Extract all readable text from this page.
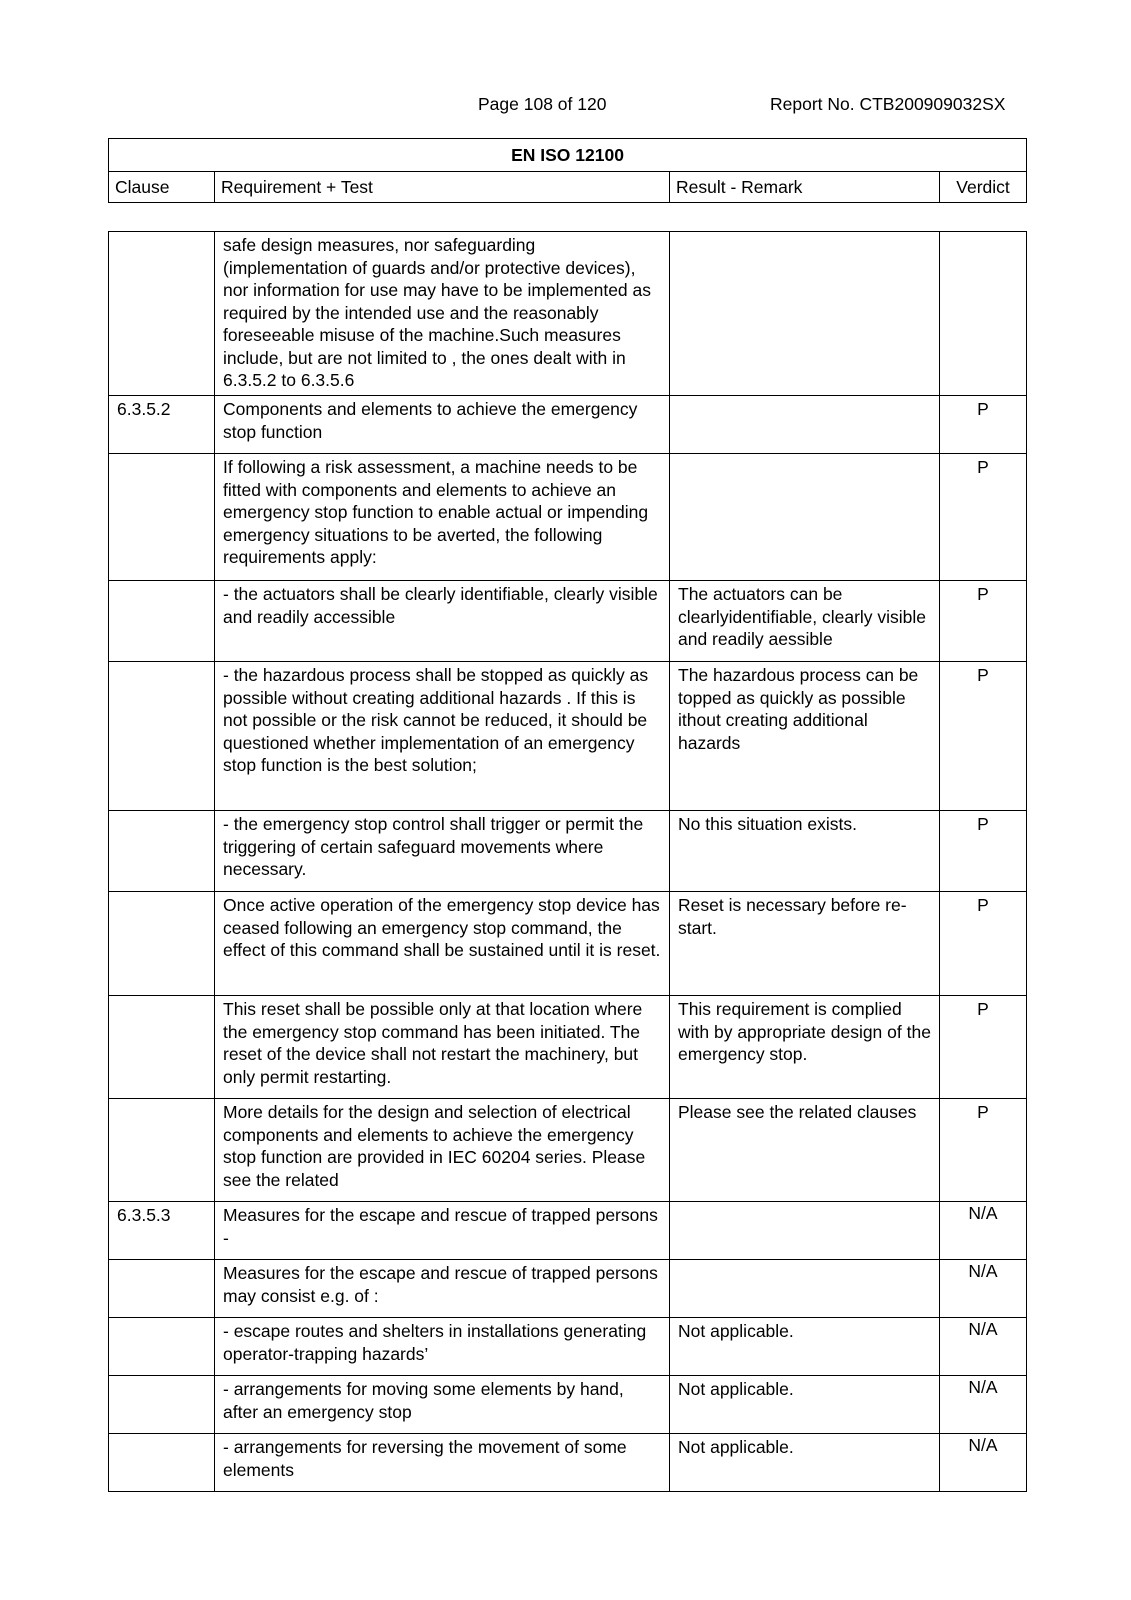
Page 108 of 120	Report No. CTB200909032SX
EN ISO 12100
Clause	Requirement + Test	Result - Remark	Verdict
	safe design measures, nor safeguarding (implementation of guards and/or protective devices), nor information for use may have to be implemented as required by the intended use and the reasonably foreseeable misuse of the machine.Such measures include, but are not limited to , the ones dealt with in 6.3.5.2 to 6.3.5.6		
6.3.5.2	Components and elements to achieve the emergency stop function		P
	If following a risk assessment, a machine needs to be fitted with components and elements to achieve an emergency stop function to enable actual or impending emergency situations to be averted, the following requirements apply:		P
	- the actuators shall be clearly identifiable, clearly visible and readily accessible	The actuators can be clearlyidentifiable, clearly visible and readily aessible	P
	- the hazardous process shall be stopped as quickly as possible without creating additional hazards . If this is not possible or the risk cannot be reduced, it should be questioned whether implementation of an emergency stop function is the best solution;	The hazardous process can be topped as quickly as possible ithout creating additional hazards	P
	- the emergency stop control shall trigger or permit the triggering of certain safeguard movements where necessary.	No this situation exists.	P
	Once active operation of the emergency stop device has ceased following an emergency stop command, the effect of this command shall be sustained until it is reset.	Reset is necessary before re-start.	P
	This reset shall be possible only at that location where the emergency stop command has been initiated. The reset of the device shall not restart the machinery, but only permit restarting.	This requirement is complied with by appropriate design of the emergency stop.	P
	More details for the design and selection of electrical components and elements to achieve the emergency stop function are provided in IEC 60204 series. Please see the related	Please see the related clauses	P
6.3.5.3	Measures for the escape and rescue of trapped persons -		N/A
	Measures for the escape and rescue of trapped persons may consist e.g. of :		N/A
	- escape routes and shelters in installations generating operator-trapping hazards’	Not applicable.	N/A
	- arrangements for moving some elements by hand, after an emergency stop	Not applicable.	N/A
	- arrangements for reversing the movement of some elements	Not applicable.	N/A
